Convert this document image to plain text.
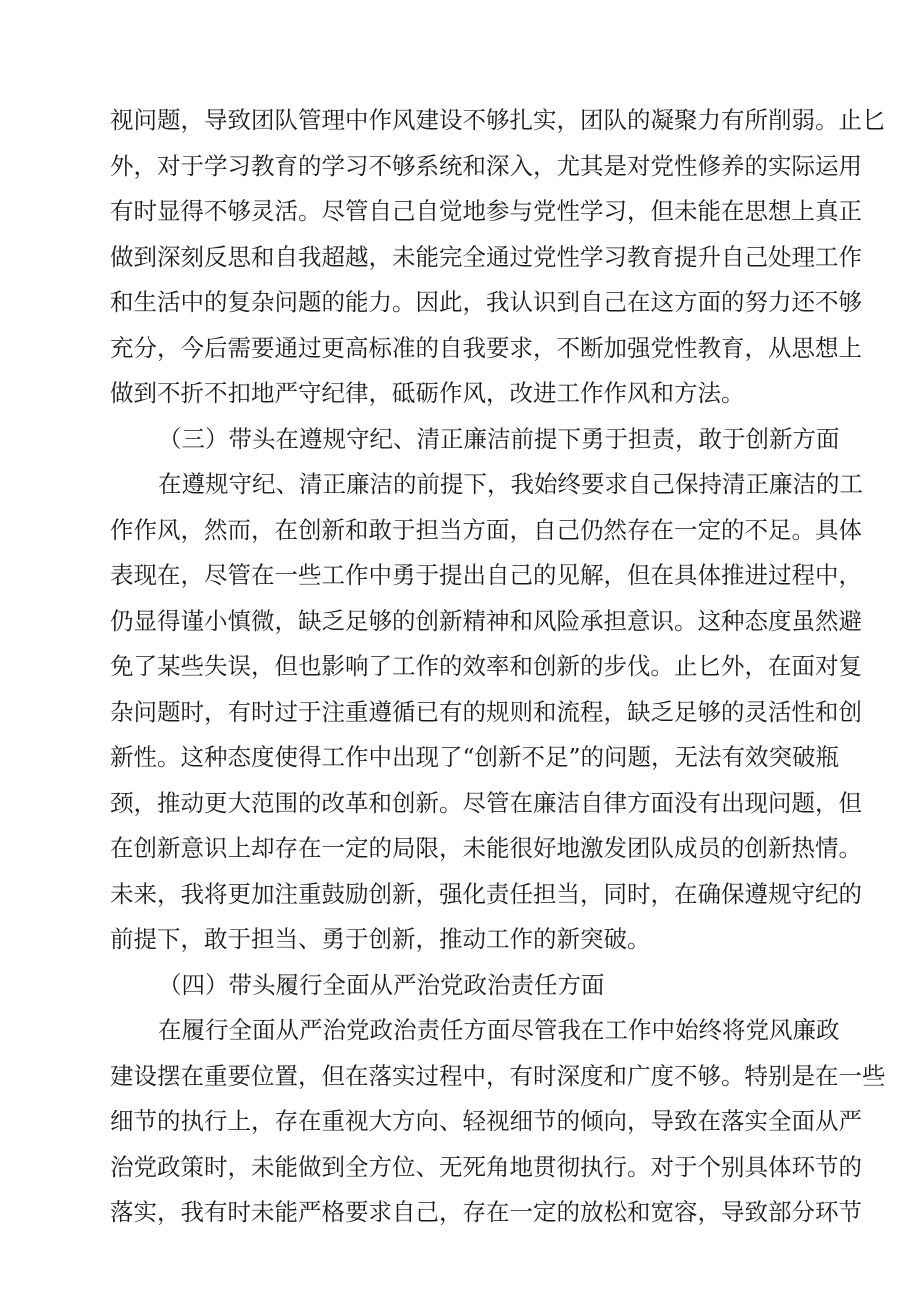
视问题，导致团队管理中作风建设不够扎实，团队的凝聚力有所削弱。止匕
外，对于学习教育的学习不够系统和深入，尤其是对党性修养的实际运用
有时显得不够灵活。尽管自己自觉地参与党性学习，但未能在思想上真正
做到深刻反思和自我超越，未能完全通过党性学习教育提升自己处理工作
和生活中的复杂问题的能力。因此，我认识到自己在这方面的努力还不够
充分，今后需要通过更高标准的自我要求，不断加强党性教育，从思想上
做到不折不扣地严守纪律，砥砺作风，改进工作作风和方法。
（三）带头在遵规守纪、清正廉洁前提下勇于担责，敢于创新方面
在遵规守纪、清正廉洁的前提下，我始终要求自己保持清正廉洁的工
作作风，然而，在创新和敢于担当方面，自己仍然存在一定的不足。具体
表现在，尽管在一些工作中勇于提出自己的见解，但在具体推进过程中，
仍显得谨小慎微，缺乏足够的创新精神和风险承担意识。这种态度虽然避
免了某些失误，但也影响了工作的效率和创新的步伐。止匕外，在面对复
杂问题时，有时过于注重遵循已有的规则和流程，缺乏足够的灵活性和创
新性。这种态度使得工作中出现了“创新不足”的问题，无法有效突破瓶
颈，推动更大范围的改革和创新。尽管在廉洁自律方面没有出现问题，但
在创新意识上却存在一定的局限，未能很好地激发团队成员的创新热情。
未来，我将更加注重鼓励创新，强化责任担当，同时，在确保遵规守纪的
前提下，敢于担当、勇于创新，推动工作的新突破。
（四）带头履行全面从严治党政治责任方面
在履行全面从严治党政治责任方面尽管我在工作中始终将党风廉政
建设摆在重要位置，但在落实过程中，有时深度和广度不够。特别是在一些
细节的执行上，存在重视大方向、轻视细节的倾向，导致在落实全面从严
治党政策时，未能做到全方位、无死角地贯彻执行。对于个别具体环节的
落实，我有时未能严格要求自己，存在一定的放松和宽容，导致部分环节
